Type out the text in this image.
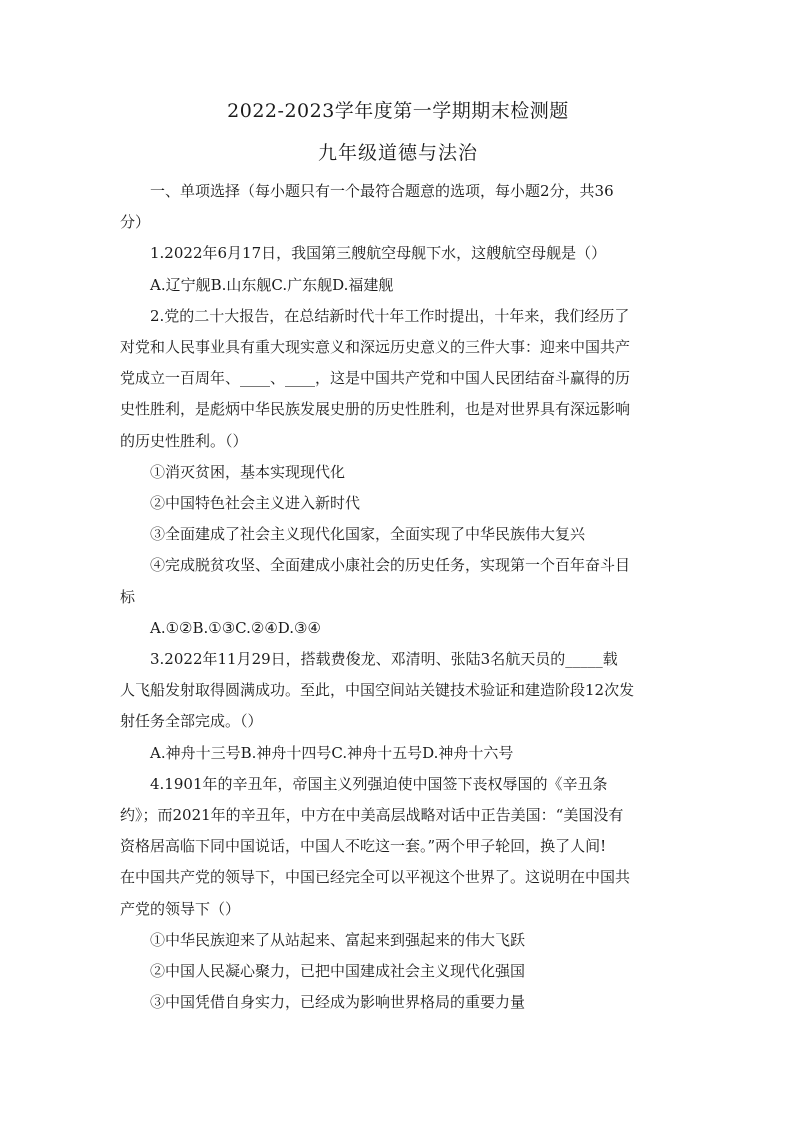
2022-2023学年度第一学期期末检测题
九年级道德与法治

一、单项选择（每小题只有一个最符合题意的选项，每小题2分，共36

分）

1.2022年6月17日，我国第三艘航空母舰下水，这艘航空母舰是（）

A.辽宁舰B.山东舰C.广东舰D.福建舰

2.党的二十大报告，在总结新时代十年工作时提出，十年来，我们经历了

对党和人民事业具有重大现实意义和深远历史意义的三件大事：迎来中国共产

党成立一百周年、____、____，这是中国共产党和中国人民团结奋斗赢得的历

史性胜利，是彪炳中华民族发展史册的历史性胜利，也是对世界具有深远影响

的历史性胜利。（）

①消灭贫困，基本实现现代化

②中国特色社会主义进入新时代

③全面建成了社会主义现代化国家，全面实现了中华民族伟大复兴

④完成脱贫攻坚、全面建成小康社会的历史任务，实现第一个百年奋斗目

标

A.①②B.①③C.②④D.③④

3.2022年11月29日，搭载费俊龙、邓清明、张陆3名航天员的_____载

人飞船发射取得圆满成功。至此，中国空间站关键技术验证和建造阶段12次发

射任务全部完成。（）

A.神舟十三号B.神舟十四号C.神舟十五号D.神舟十六号

4.1901年的辛丑年，帝国主义列强迫使中国签下丧权辱国的《辛丑条

约》；而2021年的辛丑年，中方在中美高层战略对话中正告美国：“美国没有

资格居高临下同中国说话，中国人不吃这一套。”两个甲子轮回，换了人间!

在中国共产党的领导下，中国已经完全可以平视这个世界了。这说明在中国共

产党的领导下（）

①中华民族迎来了从站起来、富起来到强起来的伟大飞跃

②中国人民凝心聚力，已把中国建成社会主义现代化强国

③中国凭借自身实力，已经成为影响世界格局的重要力量
